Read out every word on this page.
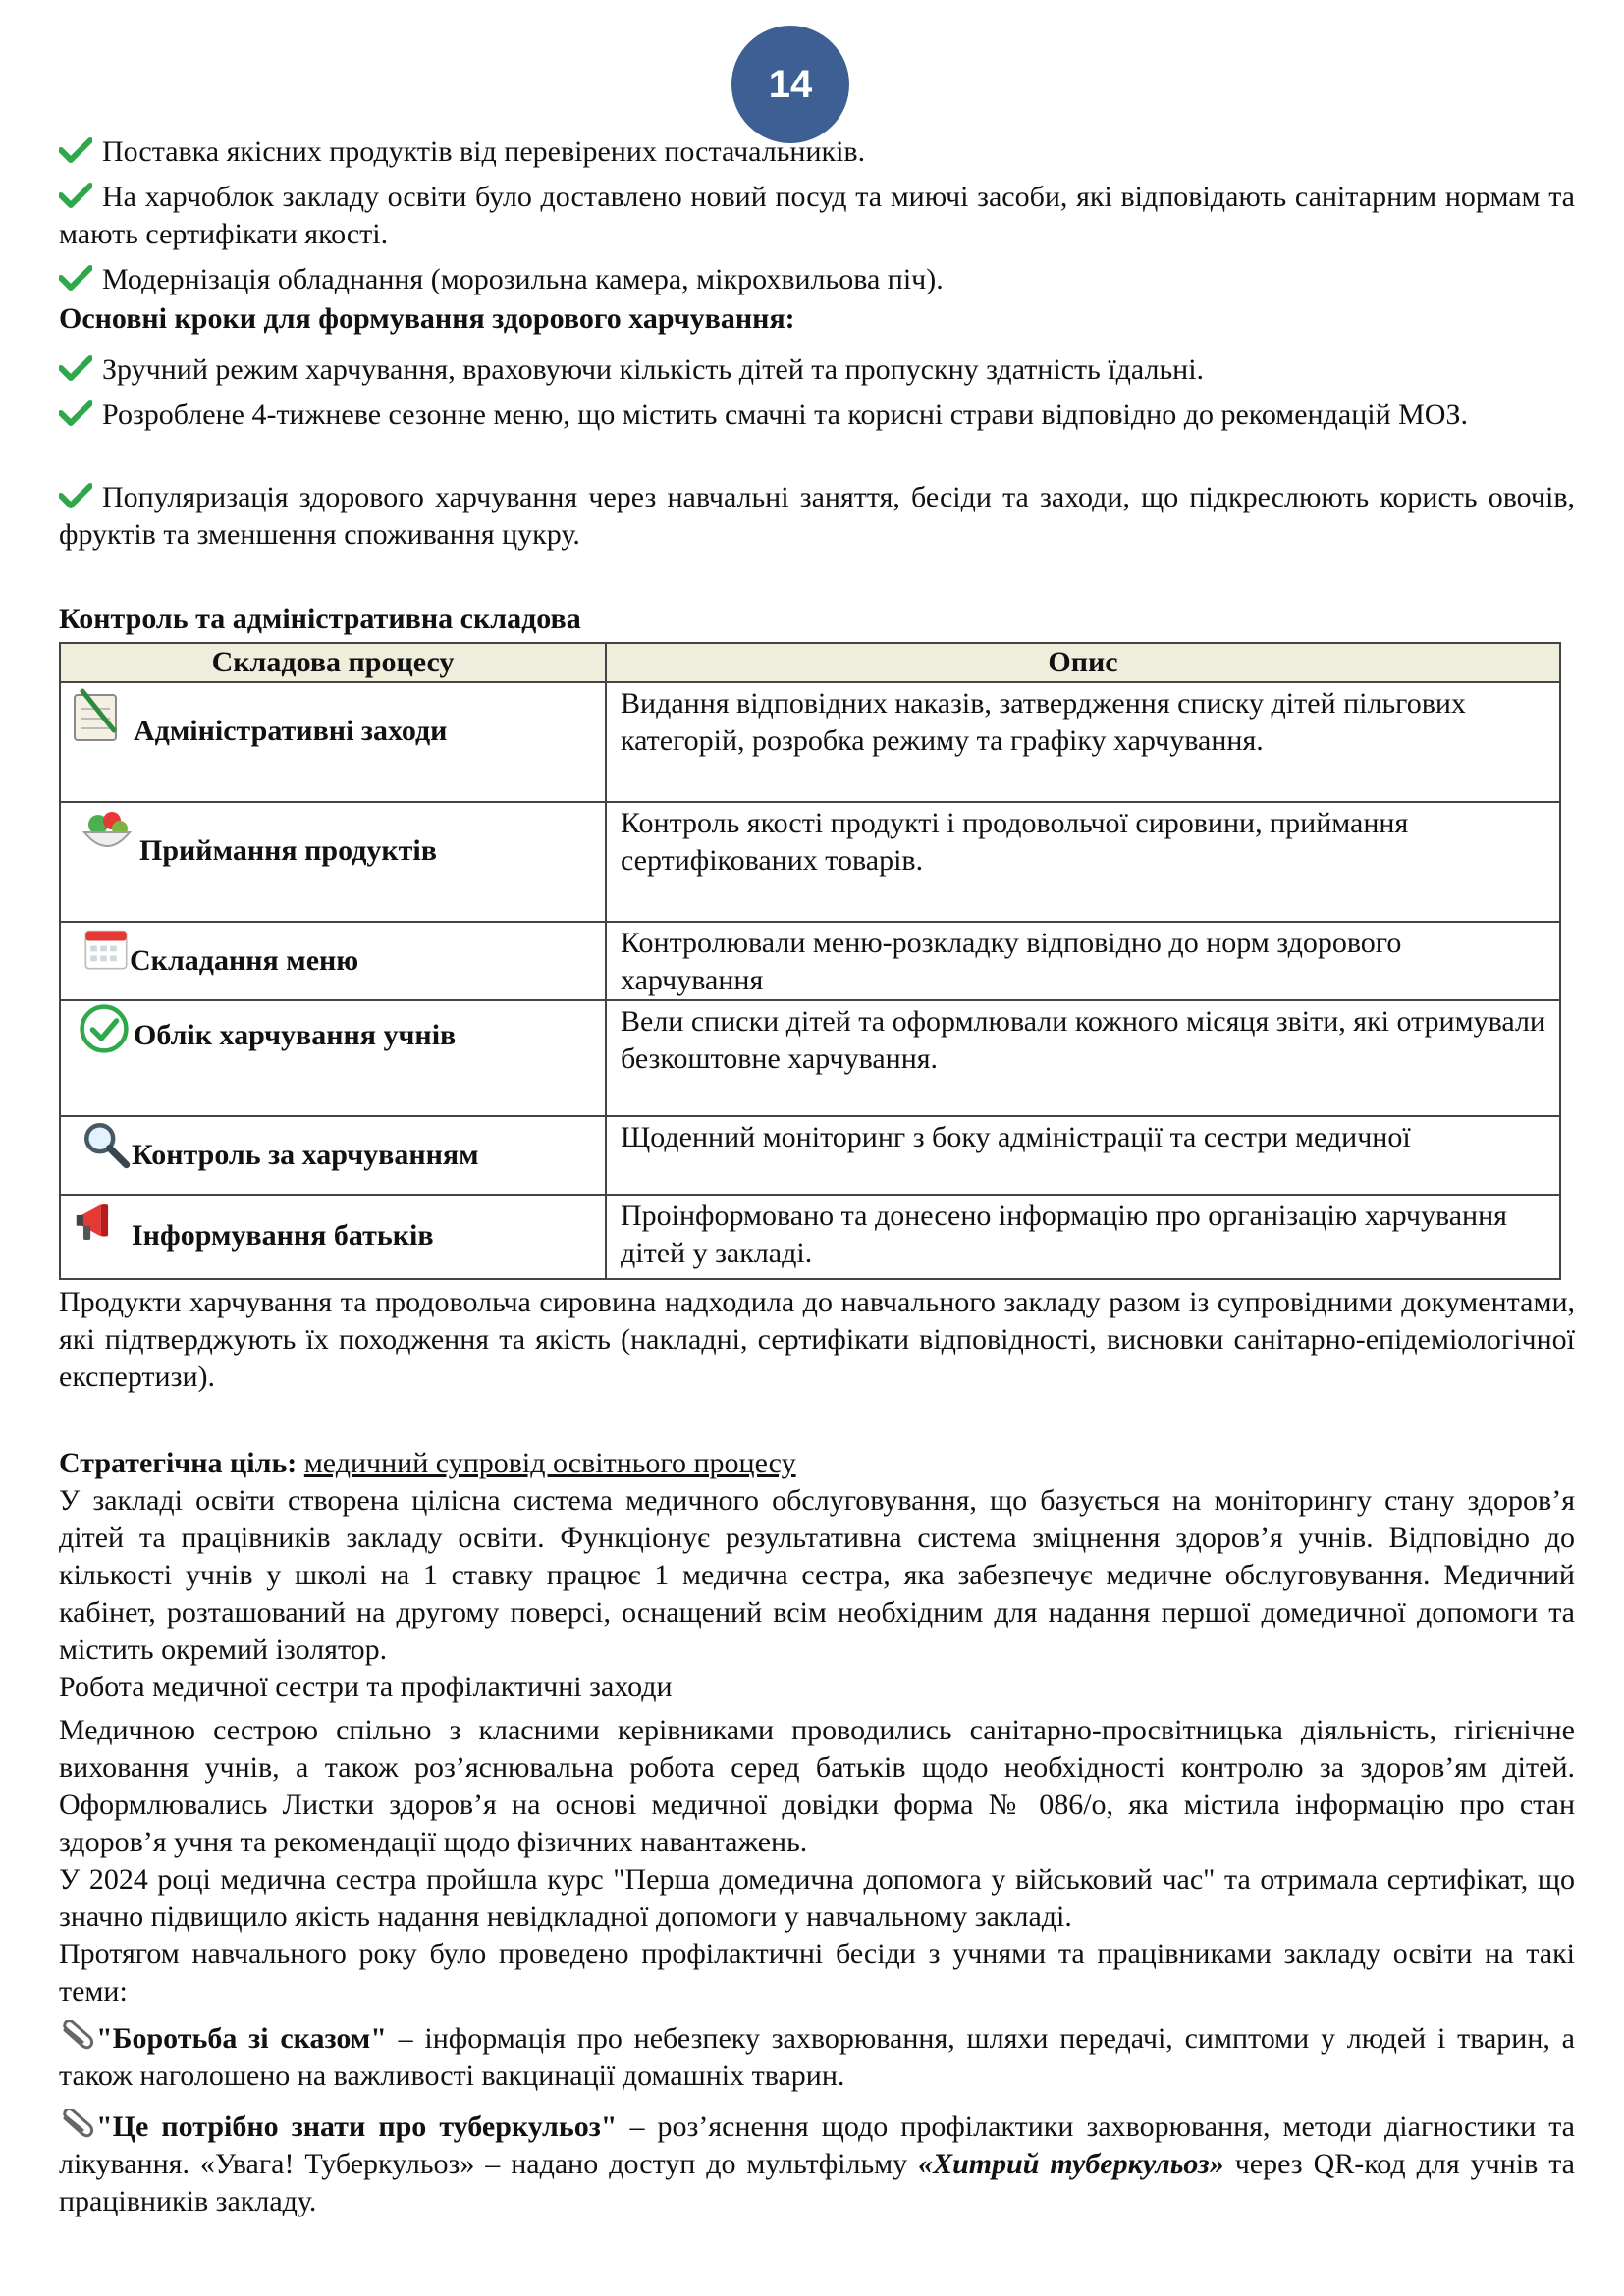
14
Поставка якісних продуктів від перевірених постачальників.
На харчоблок закладу освіти було доставлено новий посуд та миючі засоби, які відповідають санітарним нормам та мають сертифікати якості.
Модернізація обладнання (морозильна камера, мікрохвильова піч).
Основні кроки для формування здорового харчування:
Зручний режим харчування, враховуючи кількість дітей та пропускну здатність їдальні.
Розроблене 4-тижневе сезонне меню, що містить смачні та корисні страви відповідно до рекомендацій МОЗ.
Популяризація здорового харчування через навчальні заняття, бесіди та заходи, що підкреслюють користь овочів, фруктів та зменшення споживання цукру.
Контроль та адміністративна складова
Складова процесу	Опис

Адміністративні заходи	Видання відповідних наказів, затвердження списку дітей пільгових категорій, розробка режиму та графіку харчування.

Приймання продуктів	Контроль якості продукті і продовольчої сировини, приймання сертифікованих товарів.

Складання меню	Контролювали меню-розкладку відповідно до норм здорового харчування

Облік харчування учнів	Вели списки дітей та оформлювали кожного місяця звіти, які отримували безкоштовне харчування.

Контроль за харчуванням	Щоденний моніторинг з боку адміністрації та сестри медичної

Інформування батьків	Проінформовано та донесено інформацію про організацію харчування дітей у закладі.
Продукти харчування та продовольча сировина надходила до навчального закладу разом із супровідними документами, які підтверджують їх походження та якість (накладні, сертифікати відповідності, висновки санітарно-епідеміологічної експертизи).
Стратегічна ціль: медичний супровід освітнього процесу
У закладі освіти створена цілісна система медичного обслуговування, що базується на моніторингу стану здоров’я дітей та працівників закладу освіти. Функціонує результативна система зміцнення здоров’я учнів. Відповідно до кількості учнів у школі на 1 ставку працює 1 медична сестра, яка забезпечує медичне обслуговування. Медичний кабінет, розташований на другому поверсі, оснащений всім необхідним для надання першої домедичної допомоги та містить окремий ізолятор.
Робота медичної сестри та профілактичні заходи
Медичною сестрою спільно з класними керівниками проводились санітарно-просвітницька діяльність, гігієнічне виховання учнів, а також роз’яснювальна робота серед батьків щодо необхідності контролю за здоров’ям дітей. Оформлювались Листки здоров’я на основі медичної довідки форма № 086/о, яка містила інформацію про стан здоров’я учня та рекомендації щодо фізичних навантажень.
У 2024 році медична сестра пройшла курс "Перша домедична допомога у військовий час" та отримала сертифікат, що значно підвищило якість надання невідкладної допомоги у навчальному закладі.
Протягом навчального року було проведено профілактичні бесіди з учнями та працівниками закладу освіти на такі теми:
"Боротьба зі сказом" – інформація про небезпеку захворювання, шляхи передачі, симптоми у людей і тварин, а також наголошено на важливості вакцинації домашніх тварин.
"Це потрібно знати про туберкульоз" – роз’яснення щодо профілактики захворювання, методи діагностики та лікування. «Увага! Туберкульоз» – надано доступ до мультфільму «Хитрий туберкульоз» через QR-код для учнів та працівників закладу.
